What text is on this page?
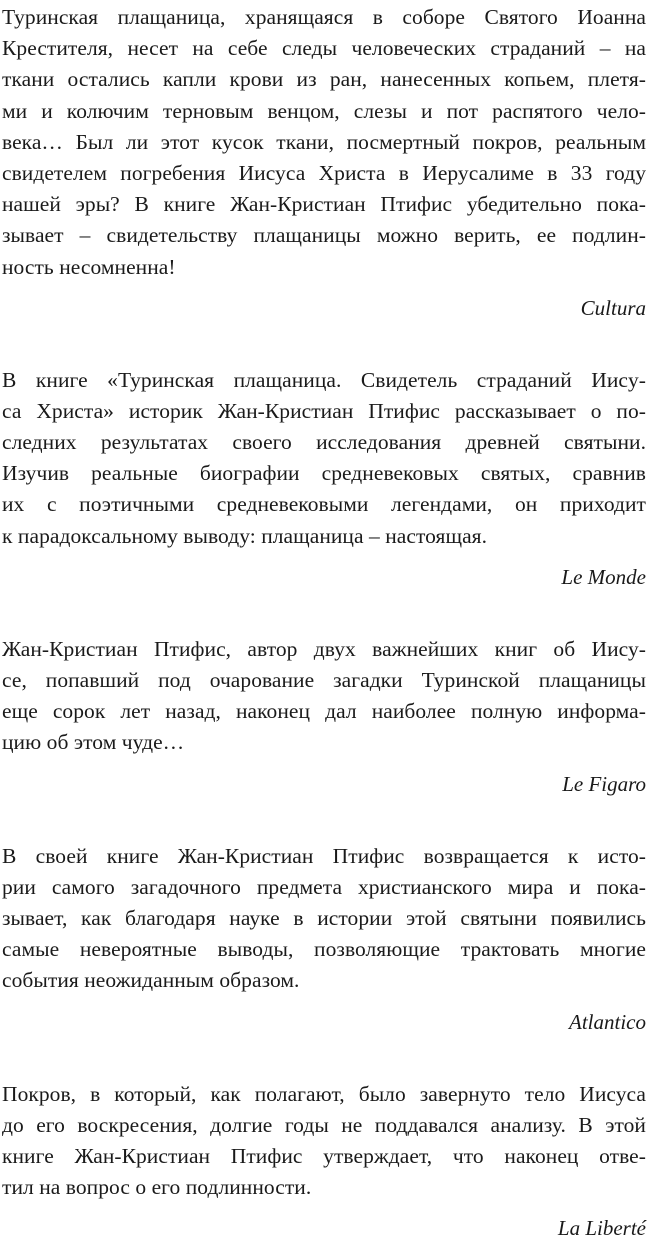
Туринская плащаница, хранящаяся в соборе Святого Иоанна
Крестителя, несет на себе следы человеческих страданий – на
ткани остались капли крови из ран, нанесенных копьем, плетя-
ми и колючим терновым венцом, слезы и пот распятого чело-
века… Был ли этот кусок ткани, посмертный покров, реальным
свидетелем погребения Иисуса Христа в Иерусалиме в 33 году
нашей эры? В книге Жан-Кристиан Птифис убедительно пока-
зывает – свидетельству плащаницы можно верить, ее подлин-
ность несомненна!
Cultura
В книге «Туринская плащаница. Свидетель страданий Иисy-
са Христа» историк Жан-Кристиан Птифис рассказывает о по-
следних результатах своего исследования древней святыни.
Изучив реальные биографии средневековых святых, сравнив
их с поэтичными средневековыми легендами, он приходит
к парадоксальному выводу: плащаница – настоящая.
Le Monde
Жан-Кристиан Птифис, автор двух важнейших книг об Иису-
се, попавший под очарование загадки Туринской плащаницы
еще сорок лет назад, наконец дал наиболее полную информа-
цию об этом чуде…
Le Figaro
В своей книге Жан-Кристиан Птифис возвращается к исто-
рии самого загадочного предмета христианского мира и пока-
зывает, как благодаря науке в истории этой святыни появились
самые невероятные выводы, позволяющие трактовать многие
события неожиданным образом.
Atlantico
Покров, в который, как полагают, было завернуто тело Иисуса
до его воскресения, долгие годы не поддавался анализу. В этой
книге Жан-Кристиан Птифис утверждает, что наконец отве-
тил на вопрос о его подлинности.
La Liberté
